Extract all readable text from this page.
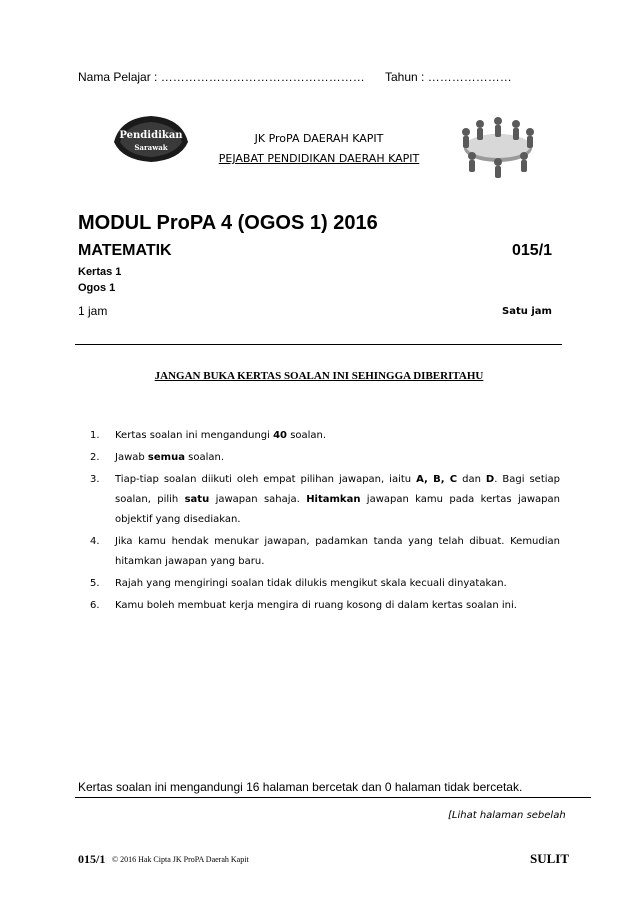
Nama Pelajar : …………………………………………… Tahun : …………………
Pendidikan
Sarawak
JK ProPA DAERAH KAPIT
PEJABAT PENDIDIKAN DAERAH KAPIT
MODUL ProPA 4 (OGOS 1) 2016
MATEMATIK	015/1
Kertas 1
Ogos 1
1 jam	Satu jam
JANGAN BUKA KERTAS SOALAN INI SEHINGGA DIBERITAHU
1. Kertas soalan ini mengandungi 40 soalan.
2. Jawab semua soalan.
3. Tiap-tiap soalan diikuti oleh empat pilihan jawapan, iaitu A, B, C dan D. Bagi setiap soalan, pilih satu jawapan sahaja. Hitamkan jawapan kamu pada kertas jawapan objektif yang disediakan.
4. Jika kamu hendak menukar jawapan, padamkan tanda yang telah dibuat. Kemudian hitamkan jawapan yang baru.
5. Rajah yang mengiringi soalan tidak dilukis mengikut skala kecuali dinyatakan.
6. Kamu boleh membuat kerja mengira di ruang kosong di dalam kertas soalan ini.
Kertas soalan ini mengandungi 16 halaman bercetak dan 0 halaman tidak bercetak.
[Lihat halaman sebelah
015/1 © 2016 Hak Cipta JK ProPA Daerah Kapit	SULIT
